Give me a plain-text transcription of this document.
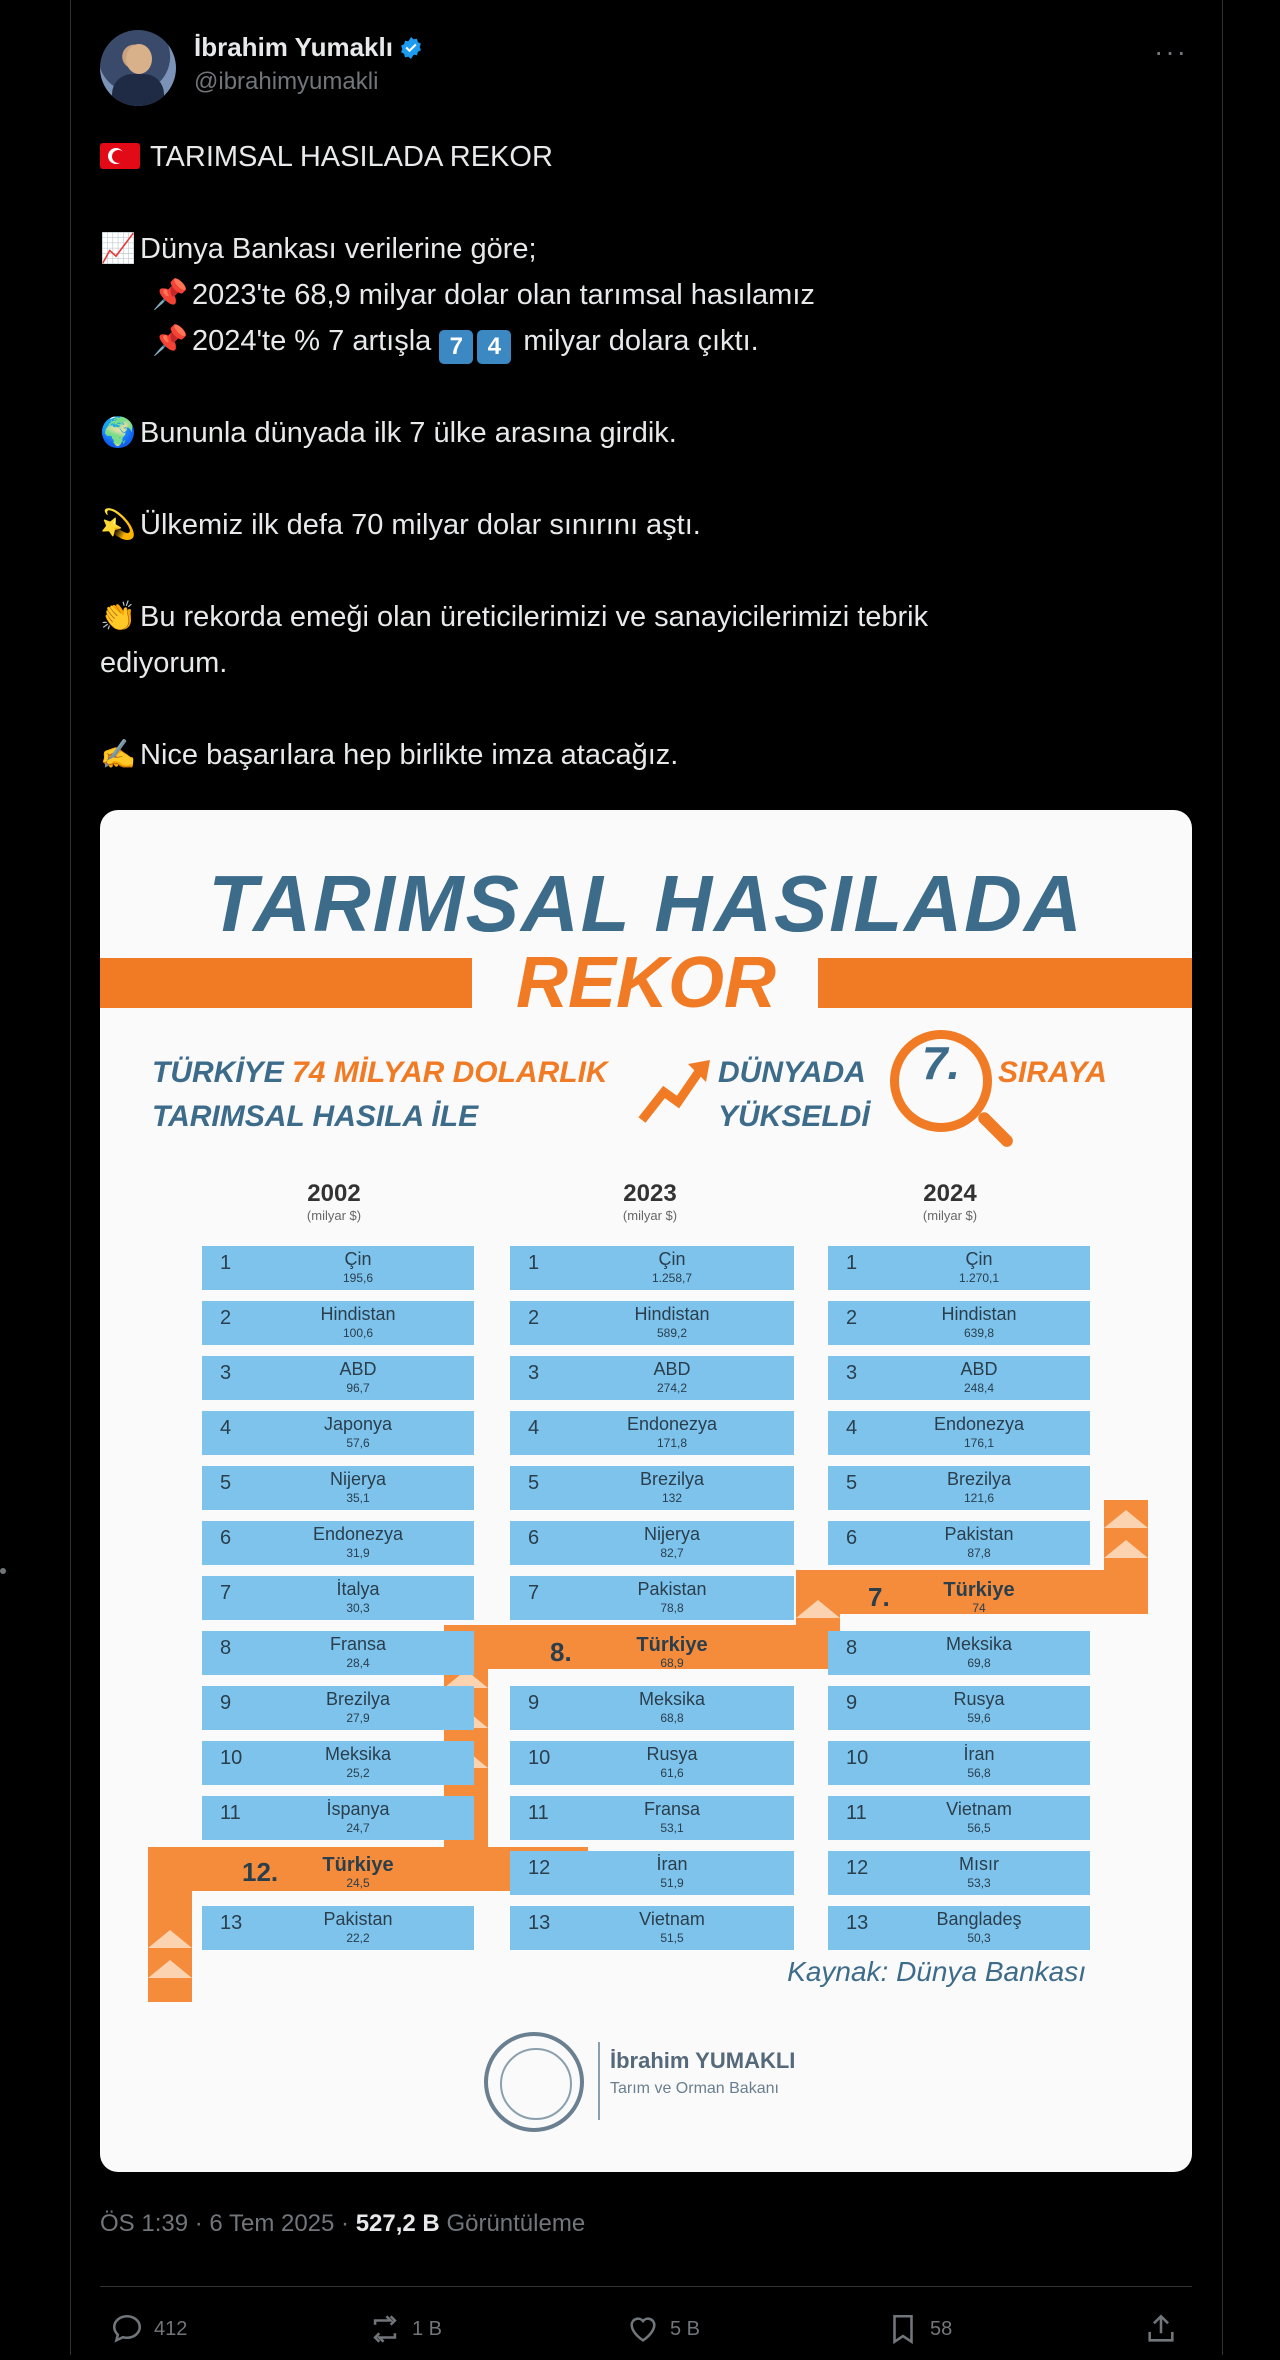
İbrahim Yumaklı
@ibrahimyumakli
···
TARIMSAL HASILADA REKOR
📈 Dünya Bankası verilerine göre;
📌 2023'te 68,9 milyar dolar olan tarımsal hasılamız
📌 2024'te % 7 artışla 7 4 milyar dolara çıktı.
🌍 Bununla dünyada ilk 7 ülke arasına girdik.
💫 Ülkemiz ilk defa 70 milyar dolar sınırını aştı.
👏 Bu rekorda emeği olan üreticilerimizi ve sanayicilerimizi tebrik
ediyorum.
✍ Nice başarılara hep birlikte imza atacağız.
TARIMSAL HASILADA
REKOR
TÜRKİYE 74 MİLYAR DOLARLIK
TARIMSAL HASILA İLE
DÜNYADA
YÜKSELDİ
7.	SIRAYA
2002
(milyar $)
2023
(milyar $)
2024
(milyar $)
1	Çin
195,6
2	Hindistan
100,6
3	ABD
96,7
4	Japonya
57,6
5	Nijerya
35,1
6	Endonezya
31,9
7	İtalya
30,3
8	Fransa
28,4
9	Brezilya
27,9
10	Meksika
25,2
11	İspanya
24,7
12.	Türkiye
24,5
13	Pakistan
22,2
1	Çin
1.258,7
2	Hindistan
589,2
3	ABD
274,2
4	Endonezya
171,8
5	Brezilya
132
6	Nijerya
82,7
7	Pakistan
78,8
8.	Türkiye
68,9
9	Meksika
68,8
10	Rusya
61,6
11	Fransa
53,1
12	İran
51,9
13	Vietnam
51,5
1	Çin
1.270,1
2	Hindistan
639,8
3	ABD
248,4
4	Endonezya
176,1
5	Brezilya
121,6
6	Pakistan
87,8
7.	Türkiye
74
8	Meksika
69,8
9	Rusya
59,6
10	İran
56,8
11	Vietnam
56,5
12	Mısır
53,3
13	Bangladeş
50,3
Kaynak: Dünya Bankası
İbrahim YUMAKLI
Tarım ve Orman Bakanı
ÖS 1:39 · 6 Tem 2025 · 527,2 B Görüntüleme
412	1 B	5 B	58
